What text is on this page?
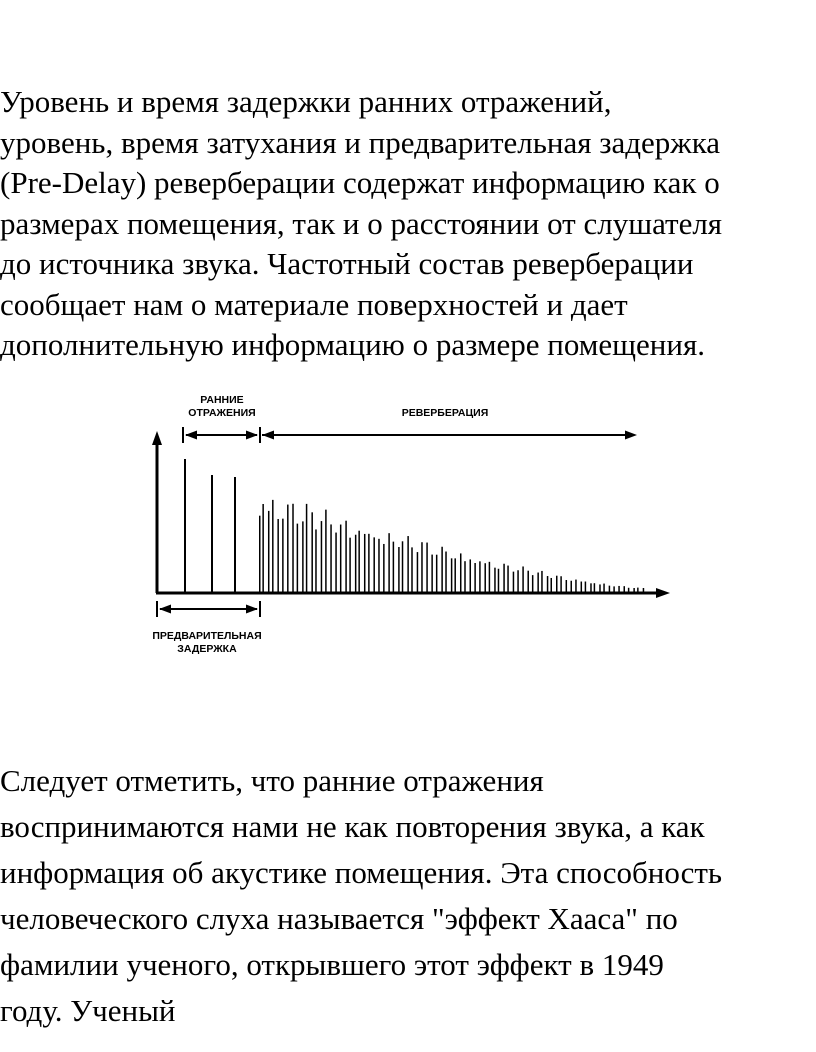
Уровень и время задержки ранних отражений,
уровень, время затухания и предварительная задержка
(Pre-Delay) реверберации содержат информацию как о
размерах помещения, так и о расстоянии от слушателя
до источника звука. Частотный состав реверберации
сообщает нам о материале поверхностей и дает
дополнительную информацию о размере помещения.
РАННИЕ
ОТРАЖЕНИЯ	РЕВЕРБЕРАЦИЯ
ПРЕДВАРИТЕЛЬНАЯ
ЗАДЕРЖКА
Следует отметить, что ранние отражения
воспринимаются нами не как повторения звука, а как
информация об акустике помещения. Эта способность
человеческого слуха называется "эффект Хааса" по
фамилии ученого, открывшего этот эффект в 1949
году. Ученый
